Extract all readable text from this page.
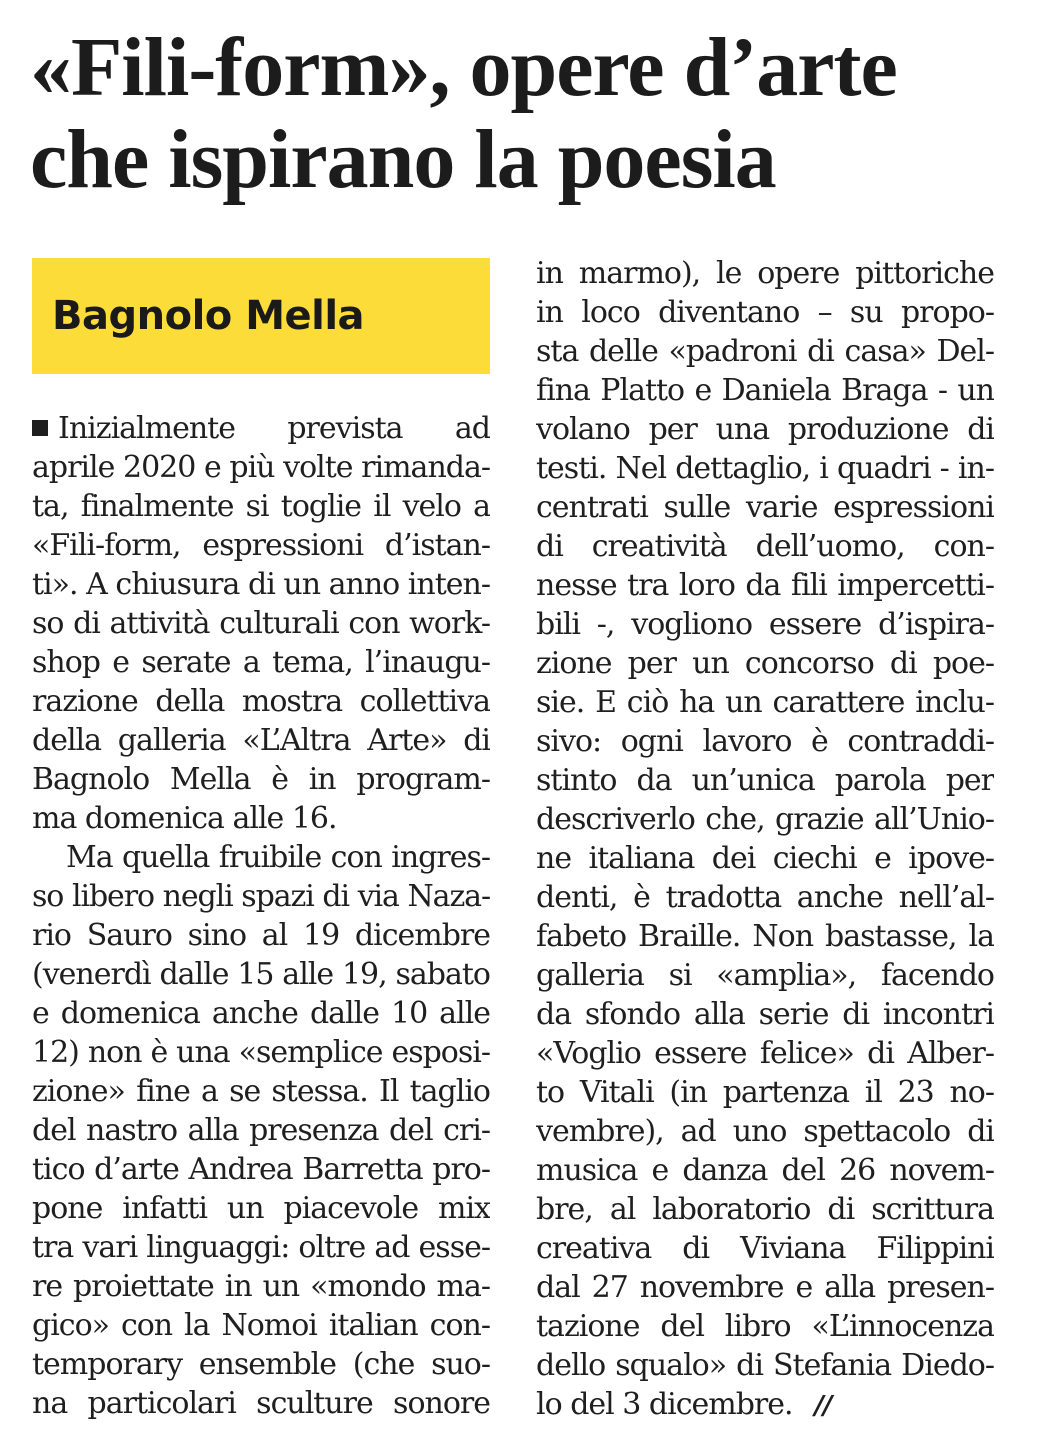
«Fili-form», opere d’arte
che ispirano la poesia
Bagnolo Mella
Inizialmente prevista ad
aprile 2020 e più volte rimanda-
ta, finalmente si toglie il velo a
«Fili-form, espressioni d’istan-
ti». A chiusura di un anno inten-
so di attività culturali con work-
shop e serate a tema, l’inaugu-
razione della mostra collettiva
della galleria «L’Altra Arte» di
Bagnolo Mella è in program-
ma domenica alle 16.
Ma quella fruibile con ingres-
so libero negli spazi di via Naza-
rio Sauro sino al 19 dicembre
(venerdì dalle 15 alle 19, sabato
e domenica anche dalle 10 alle
12) non è una «semplice esposi-
zione» fine a se stessa. Il taglio
del nastro alla presenza del cri-
tico d’arte Andrea Barretta pro-
pone infatti un piacevole mix
tra vari linguaggi: oltre ad esse-
re proiettate in un «mondo ma-
gico» con la Nomoi italian con-
temporary ensemble (che suo-
na particolari sculture sonore
in marmo), le opere pittoriche
in loco diventano – su propo-
sta delle «padroni di casa» Del-
fina Platto e Daniela Braga - un
volano per una produzione di
testi. Nel dettaglio, i quadri - in-
centrati sulle varie espressioni
di creatività dell’uomo, con-
nesse tra loro da fili impercetti-
bili -, vogliono essere d’ispira-
zione per un concorso di poe-
sie. E ciò ha un carattere inclu-
sivo: ogni lavoro è contraddi-
stinto da un’unica parola per
descriverlo che, grazie all’Unio-
ne italiana dei ciechi e ipove-
denti, è tradotta anche nell’al-
fabeto Braille. Non bastasse, la
galleria si «amplia», facendo
da sfondo alla serie di incontri
«Voglio essere felice» di Alber-
to Vitali (in partenza il 23 no-
vembre), ad uno spettacolo di
musica e danza del 26 novem-
bre, al laboratorio di scrittura
creativa di Viviana Filippini
dal 27 novembre e alla presen-
tazione del libro «L’innocenza
dello squalo» di Stefania Diedo-
lo del 3 dicembre. //
